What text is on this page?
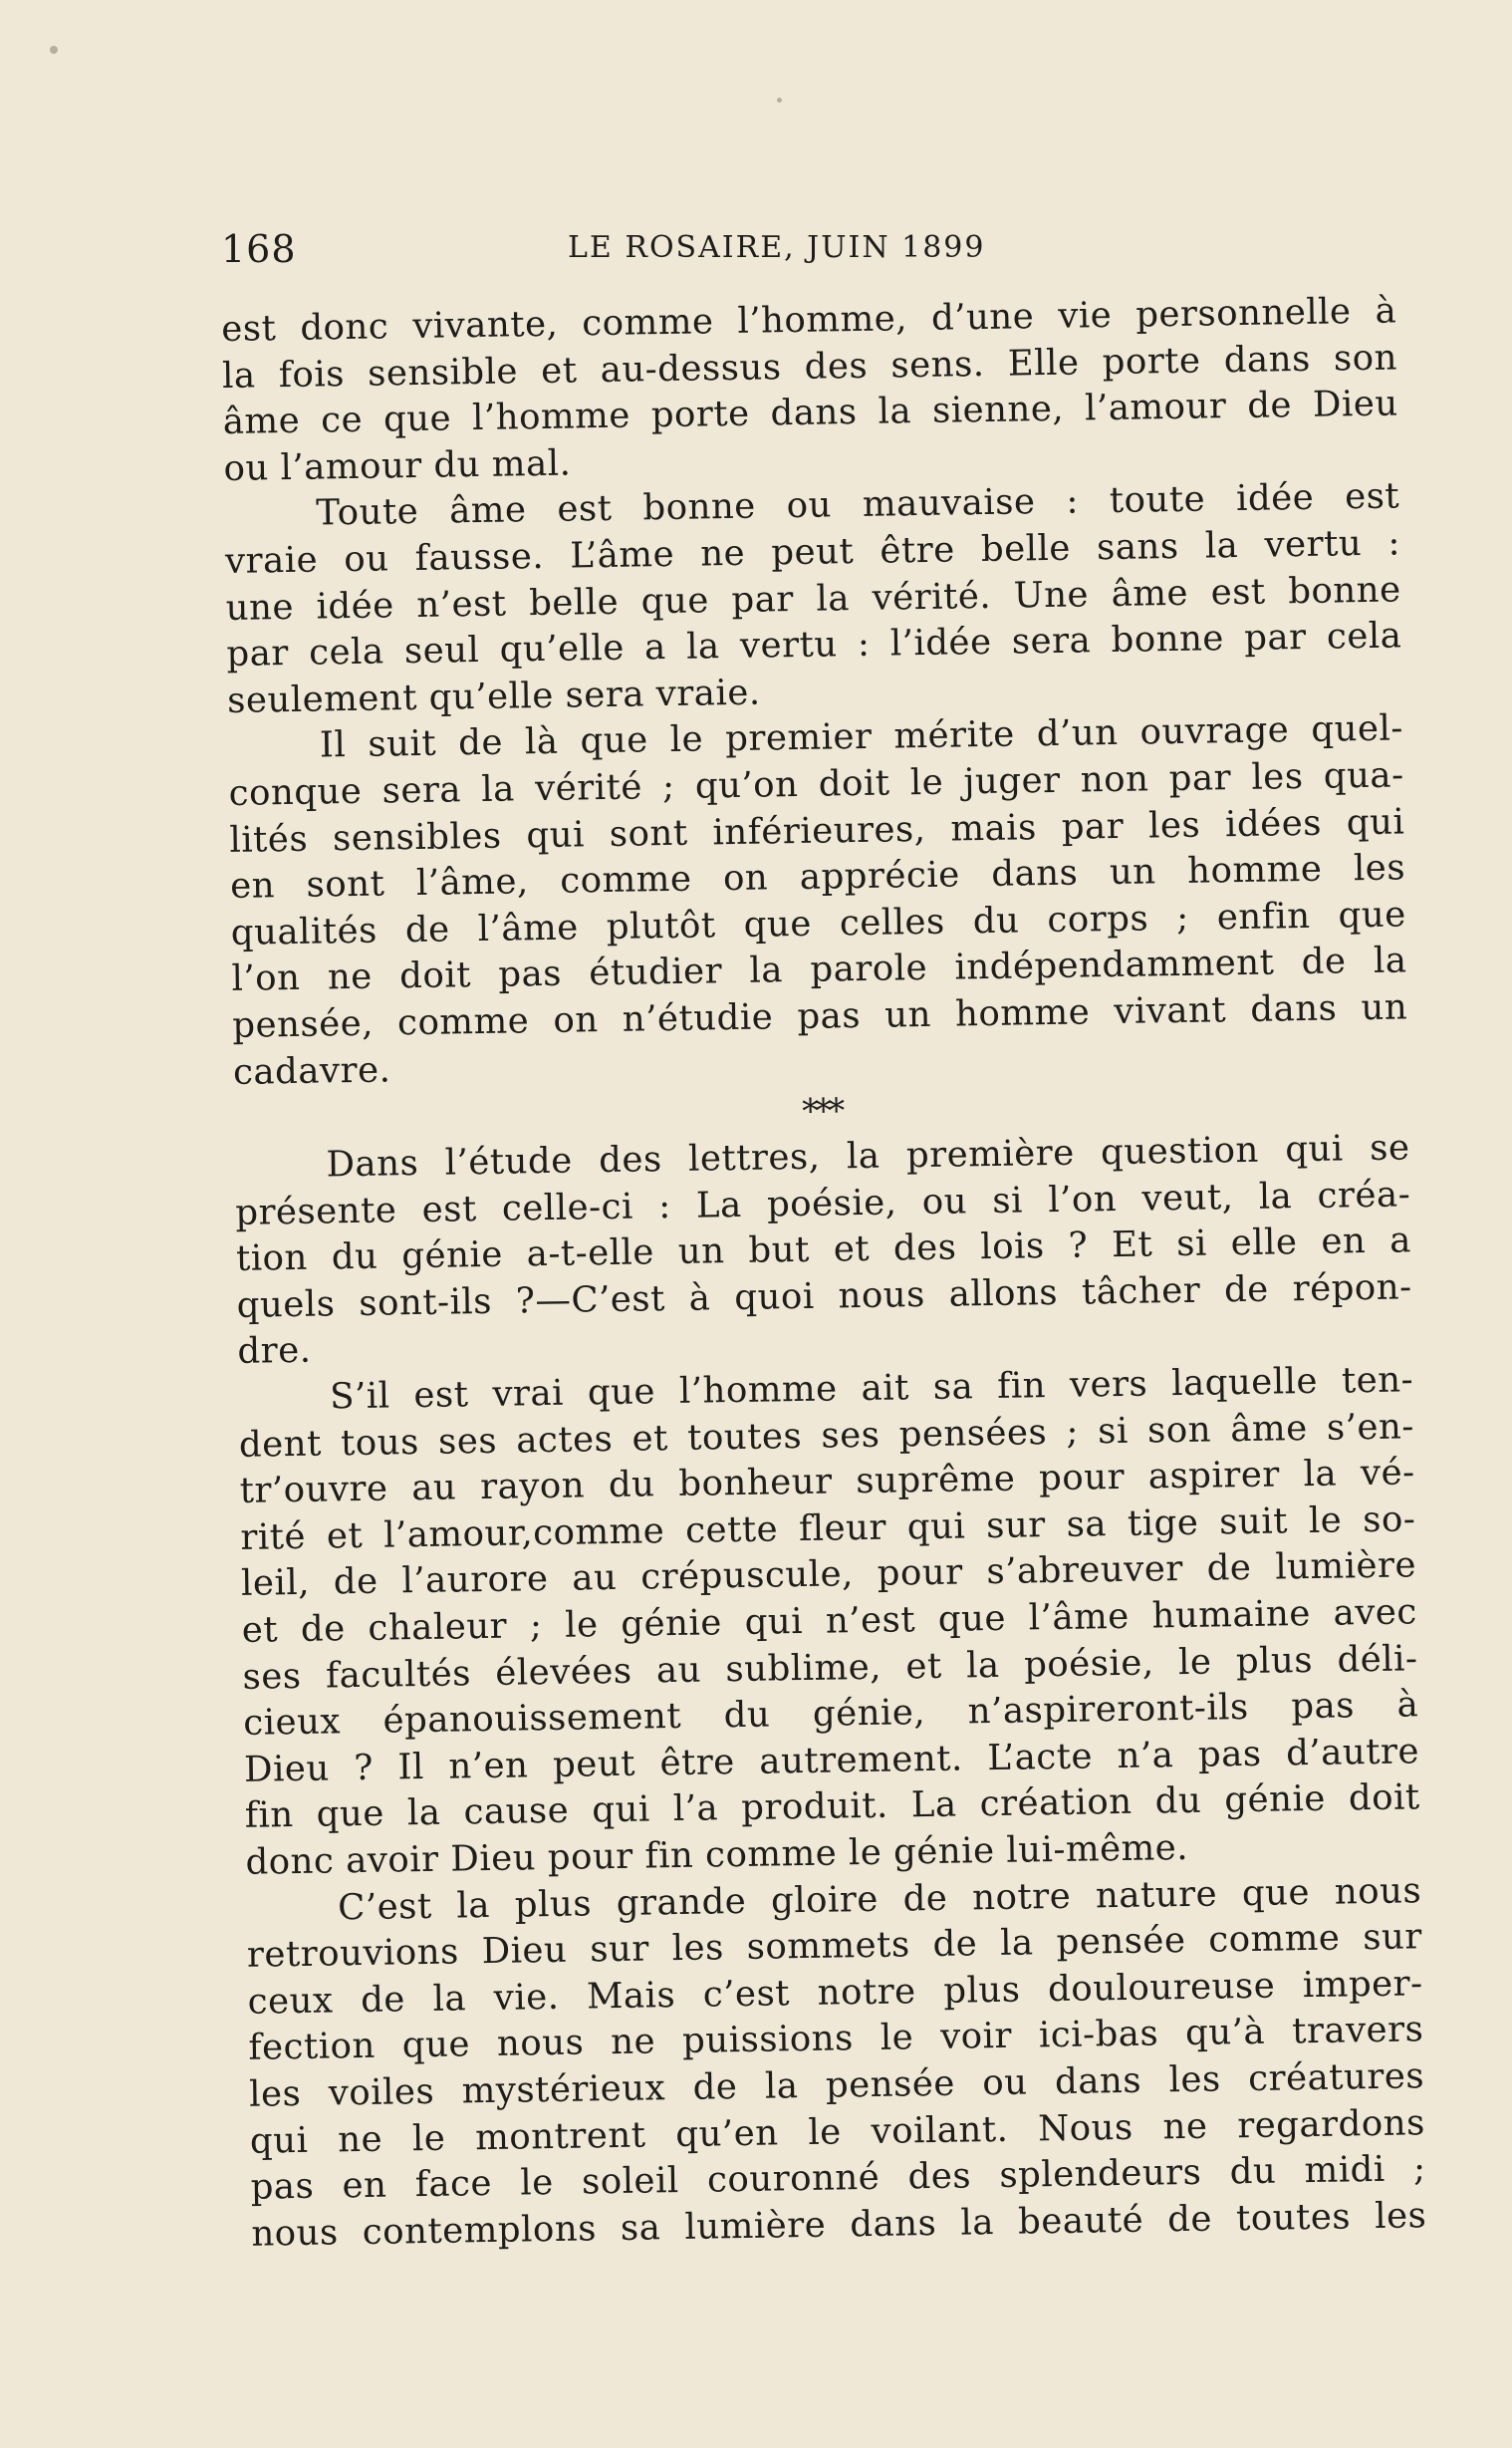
168	LE ROSAIRE, JUIN 1899

est donc vivante, comme l’homme, d’une vie personnelle à
la fois sensible et au-dessus des sens. Elle porte dans son
âme ce que l’homme porte dans la sienne, l’amour de Dieu
ou l’amour du mal.

Toute âme est bonne ou mauvaise : toute idée est
vraie ou fausse. L’âme ne peut être belle sans la vertu :
une idée n’est belle que par la vérité. Une âme est bonne
par cela seul qu’elle a la vertu : l’idée sera bonne par cela
seulement qu’elle sera vraie.

Il suit de là que le premier mérite d’un ouvrage quel-
conque sera la vérité ; qu’on doit le juger non par les qua-
lités sensibles qui sont inférieures, mais par les idées qui
en sont l’âme, comme on apprécie dans un homme les
qualités de l’âme plutôt que celles du corps ; enfin que
l’on ne doit pas étudier la parole indépendamment de la
pensée, comme on n’étudie pas un homme vivant dans un
cadavre.

***

Dans l’étude des lettres, la première question qui se
présente est celle-ci : La poésie, ou si l’on veut, la créa-
tion du génie a-t-elle un but et des lois ? Et si elle en a
quels sont-ils ?—C’est à quoi nous allons tâcher de répon-
dre.

S’il est vrai que l’homme ait sa fin vers laquelle ten-
dent tous ses actes et toutes ses pensées ; si son âme s’en-
tr’ouvre au rayon du bonheur suprême pour aspirer la vé-
rité et l’amour,comme cette fleur qui sur sa tige suit le so-
leil, de l’aurore au crépuscule, pour s’abreuver de lumière
et de chaleur ; le génie qui n’est que l’âme humaine avec
ses facultés élevées au sublime, et la poésie, le plus déli-
cieux épanouissement du génie, n’aspireront-ils pas à
Dieu ? Il n’en peut être autrement. L’acte n’a pas d’autre
fin que la cause qui l’a produit. La création du génie doit
donc avoir Dieu pour fin comme le génie lui-même.

C’est la plus grande gloire de notre nature que nous
retrouvions Dieu sur les sommets de la pensée comme sur
ceux de la vie. Mais c’est notre plus douloureuse imper-
fection que nous ne puissions le voir ici-bas qu’à travers
les voiles mystérieux de la pensée ou dans les créatures
qui ne le montrent qu’en le voilant. Nous ne regardons
pas en face le soleil couronné des splendeurs du midi ;
nous contemplons sa lumière dans la beauté de toutes les
